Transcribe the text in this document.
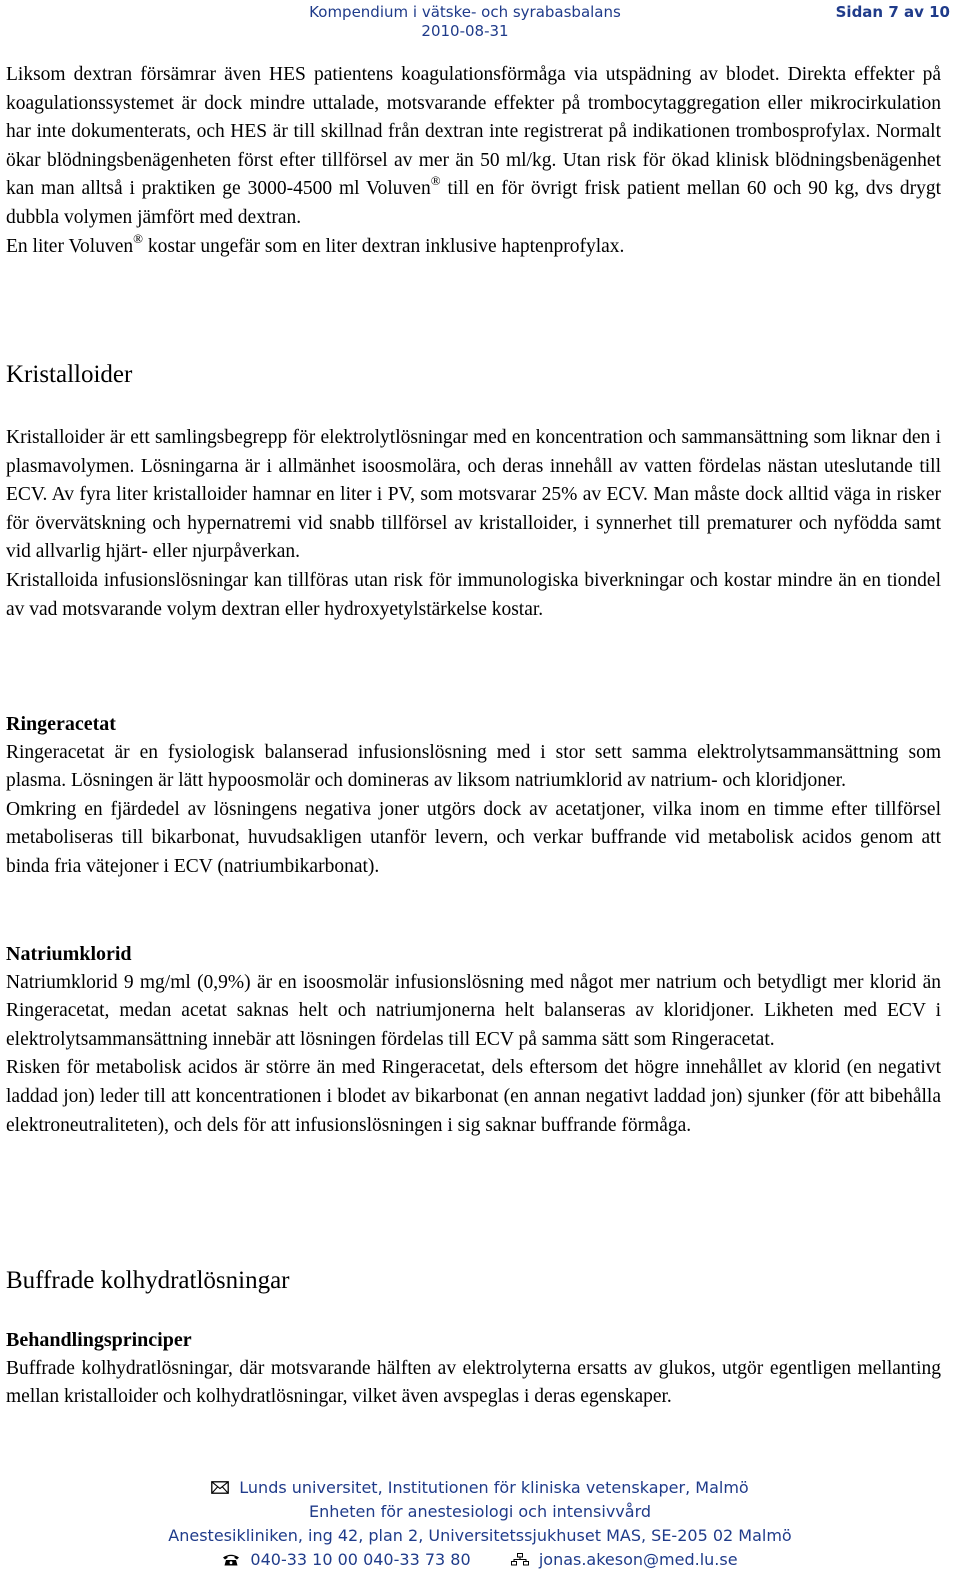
Kompendium i vätske- och syrabasbalans
2010-08-31
Sidan 7 av 10

Liksom dextran försämrar även HES patientens koagulationsförmåga via utspädning av blodet. Direkta effekter på koagulationssystemet är dock mindre uttalade, motsvarande effekter på trombocytaggregation eller mikrocirkulation har inte dokumenterats, och HES är till skillnad från dextran inte registrerat på indikationen trombosprofylax. Normalt ökar blödningsbenägenheten först efter tillförsel av mer än 50 ml/kg. Utan risk för ökad klinisk blödningsbenägenhet kan man alltså i praktiken ge 3000-4500 ml Voluven® till en för övrigt frisk patient mellan 60 och 90 kg, dvs drygt dubbla volymen jämfört med dextran.

En liter Voluven® kostar ungefär som en liter dextran inklusive haptenprofylax.

Kristalloider

Kristalloider är ett samlingsbegrepp för elektrolytlösningar med en koncentration och sammansättning som liknar den i plasmavolymen. Lösningarna är i allmänhet isoosmolära, och deras innehåll av vatten fördelas nästan uteslutande till ECV. Av fyra liter kristalloider hamnar en liter i PV, som motsvarar 25% av ECV. Man måste dock alltid väga in risker för övervätskning och hypernatremi vid snabb tillförsel av kristalloider, i synnerhet till prematurer och nyfödda samt vid allvarlig hjärt- eller njurpåverkan.

Kristalloida infusionslösningar kan tillföras utan risk för immunologiska biverkningar och kostar mindre än en tiondel av vad motsvarande volym dextran eller hydroxyetylstärkelse kostar.

Ringeracetat

Ringeracetat är en fysiologisk balanserad infusionslösning med i stor sett samma elektrolytsammansättning som plasma. Lösningen är lätt hypoosmolär och domineras av liksom natriumklorid av natrium- och kloridjoner.

Omkring en fjärdedel av lösningens negativa joner utgörs dock av acetatjoner, vilka inom en timme efter tillförsel metaboliseras till bikarbonat, huvudsakligen utanför levern, och verkar buffrande vid metabolisk acidos genom att binda fria vätejoner i ECV (natriumbikarbonat).

Natriumklorid

Natriumklorid 9 mg/ml (0,9%) är en isoosmolär infusionslösning med något mer natrium och betydligt mer klorid än Ringeracetat, medan acetat saknas helt och natriumjonerna helt balanseras av kloridjoner. Likheten med ECV i elektrolytsammansättning innebär att lösningen fördelas till ECV på samma sätt som Ringeracetat.

Risken för metabolisk acidos är större än med Ringeracetat, dels eftersom det högre innehållet av klorid (en negativt laddad jon) leder till att koncentrationen i blodet av bikarbonat (en annan negativt laddad jon) sjunker (för att bibehålla elektroneutraliteten), och dels för att infusionslösningen i sig saknar buffrande förmåga.

Buffrade kolhydratlösningar
Behandlingsprinciper

Buffrade kolhydratlösningar, där motsvarande hälften av elektrolyterna ersatts av glukos, utgör egentligen mellanting mellan kristalloider och kolhydratlösningar, vilket även avspeglas i deras egenskaper.

Lunds universitet, Institutionen för kliniska vetenskaper, Malmö
Enheten för anestesiologi och intensivvård
Anestesikliniken, ing 42, plan 2, Universitetssjukhuset MAS, SE-205 02 Malmö
040-33 10 00 040-33 73 80	jonas.akeson@med.lu.se
